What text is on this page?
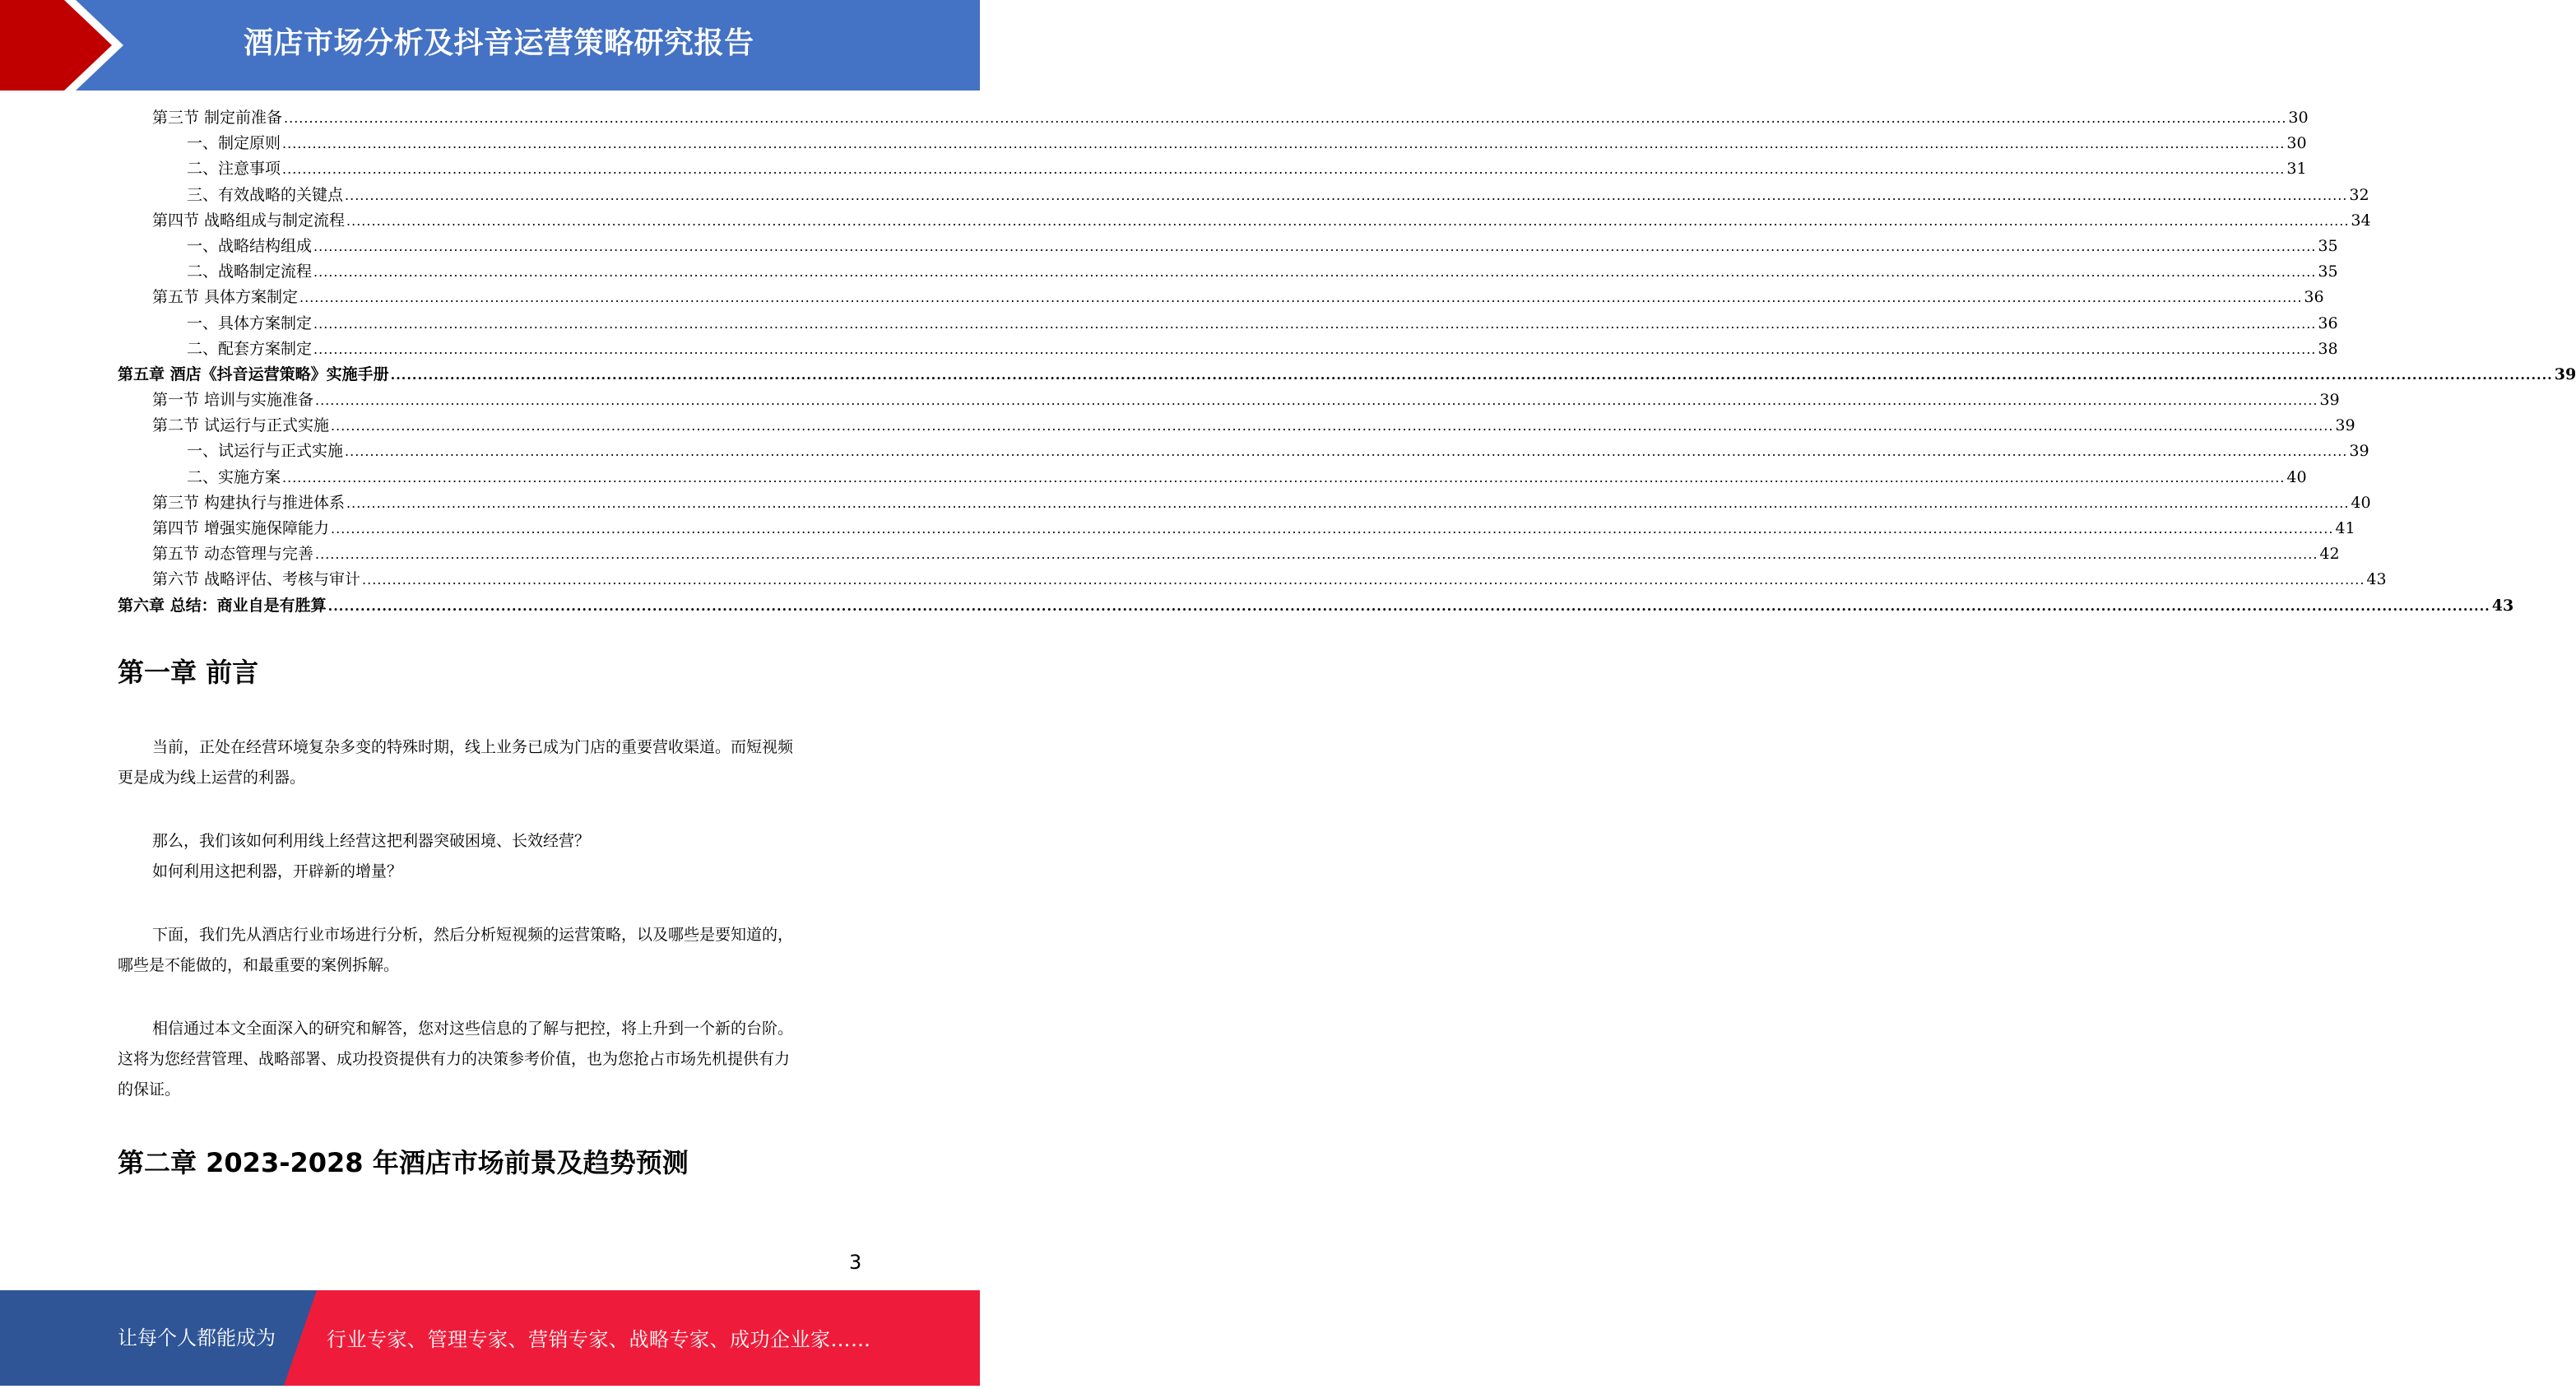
酒店市场分析及抖音运营策略研究报告
第三节 制定前准备 ................................................................................................................................................................................................................................................................................................................................................................................................................ 30
一、制定原则 ................................................................................................................................................................................................................................................................................................................................................................................................................ 30
二、注意事项 ................................................................................................................................................................................................................................................................................................................................................................................................................ 31
三、有效战略的关键点 ................................................................................................................................................................................................................................................................................................................................................................................................................ 32
第四节 战略组成与制定流程 ................................................................................................................................................................................................................................................................................................................................................................................................................ 34
一、战略结构组成 ................................................................................................................................................................................................................................................................................................................................................................................................................ 35
二、战略制定流程 ................................................................................................................................................................................................................................................................................................................................................................................................................ 35
第五节 具体方案制定 ................................................................................................................................................................................................................................................................................................................................................................................................................ 36
一、具体方案制定 ................................................................................................................................................................................................................................................................................................................................................................................................................ 36
二、配套方案制定 ................................................................................................................................................................................................................................................................................................................................................................................................................ 38
第五章 酒店《抖音运营策略》实施手册 ................................................................................................................................................................................................................................................................................................................................................................................................................ 39
第一节 培训与实施准备 ................................................................................................................................................................................................................................................................................................................................................................................................................ 39
第二节 试运行与正式实施 ................................................................................................................................................................................................................................................................................................................................................................................................................ 39
一、试运行与正式实施 ................................................................................................................................................................................................................................................................................................................................................................................................................ 39
二、实施方案 ................................................................................................................................................................................................................................................................................................................................................................................................................ 40
第三节 构建执行与推进体系 ................................................................................................................................................................................................................................................................................................................................................................................................................ 40
第四节 增强实施保障能力 ................................................................................................................................................................................................................................................................................................................................................................................................................ 41
第五节 动态管理与完善 ................................................................................................................................................................................................................................................................................................................................................................................................................ 42
第六节 战略评估、考核与审计 ................................................................................................................................................................................................................................................................................................................................................................................................................ 43
第六章 总结：商业自是有胜算 ................................................................................................................................................................................................................................................................................................................................................................................................................ 43
第一章 前言
当前，正处在经营环境复杂多变的特殊时期，线上业务已成为门店的重要营收渠道。而短视频
更是成为线上运营的利器。
那么，我们该如何利用线上经营这把利器突破困境、长效经营？
如何利用这把利器，开辟新的增量？
下面，我们先从酒店行业市场进行分析，然后分析短视频的运营策略，以及哪些是要知道的，
哪些是不能做的，和最重要的案例拆解。
相信通过本文全面深入的研究和解答，您对这些信息的了解与把控，将上升到一个新的台阶。
这将为您经营管理、战略部署、成功投资提供有力的决策参考价值，也为您抢占市场先机提供有力
的保证。
第二章 2023-2028 年酒店市场前景及趋势预测
3
让每个人都能成为	行业专家、管理专家、营销专家、战略专家、成功企业家……
